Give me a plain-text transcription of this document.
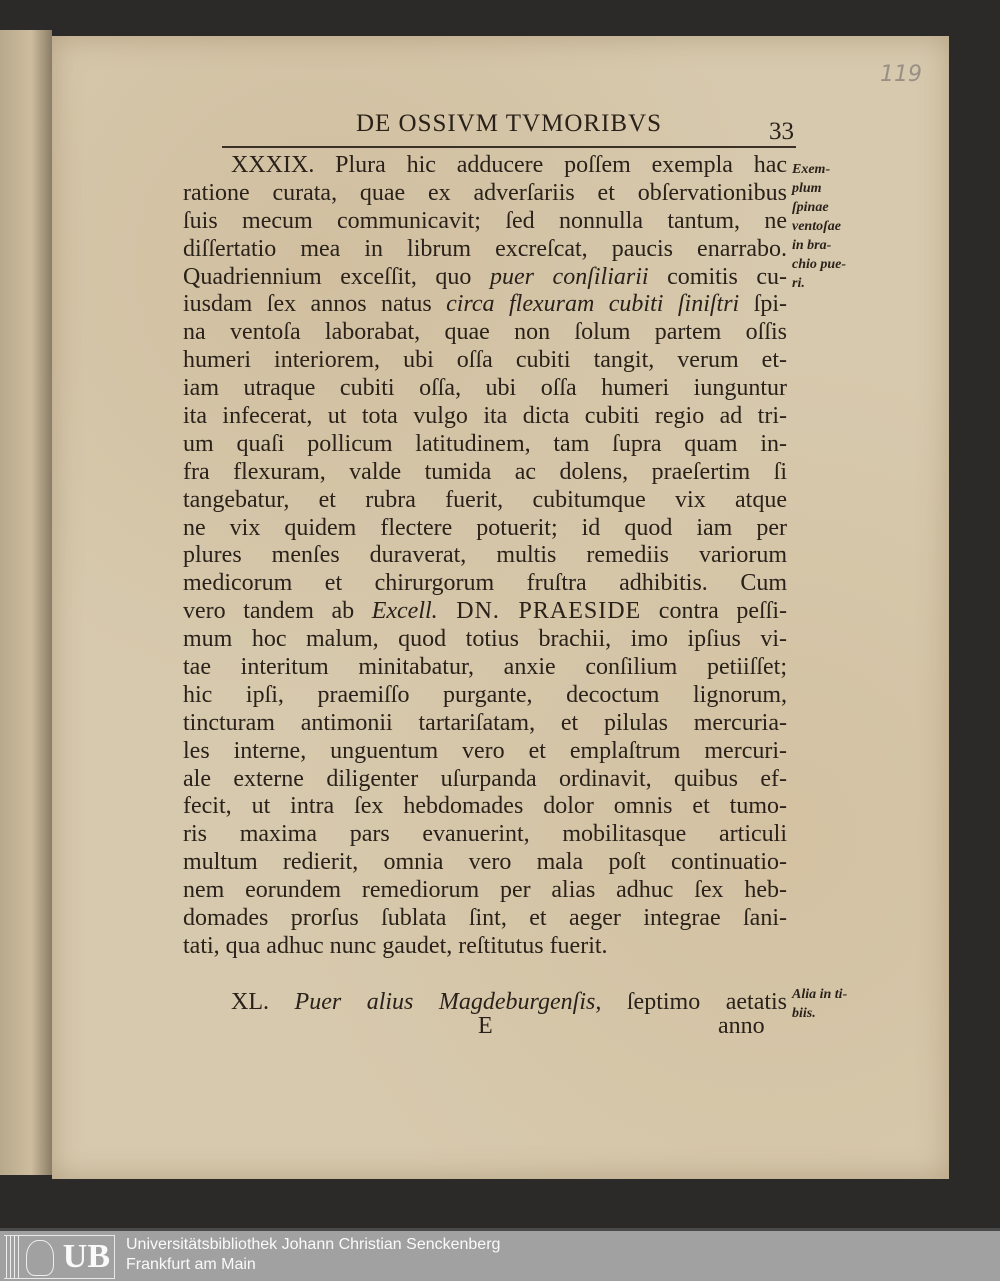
119
DE OSSIVM TVMORIBVS	33
XXXIX. Plura hic adducere poſſem exempla hac
ratione curata, quae ex adverſariis et obſervationibus
ſuis mecum communicavit; ſed nonnulla tantum, ne
diſſertatio mea in librum excreſcat, paucis enarrabo.
Quadriennium exceſſit, quo puer conſiliarii comitis cu-
iusdam ſex annos natus circa flexuram cubiti ſiniſtri ſpi-
na ventoſa laborabat, quae non ſolum partem oſſis
humeri interiorem, ubi oſſa cubiti tangit, verum et-
iam utraque cubiti oſſa, ubi oſſa humeri iunguntur
ita infecerat, ut tota vulgo ita dicta cubiti regio ad tri-
um quaſi pollicum latitudinem, tam ſupra quam in-
fra flexuram, valde tumida ac dolens, praeſertim ſi
tangebatur, et rubra fuerit, cubitumque vix atque
ne vix quidem flectere potuerit; id quod iam per
plures menſes duraverat, multis remediis variorum
medicorum et chirurgorum fruſtra adhibitis. Cum
vero tandem ab Excell. DN. PRAESIDE contra peſſi-
mum hoc malum, quod totius brachii, imo ipſius vi-
tae interitum minitabatur, anxie conſilium petiiſſet;
hic ipſi, praemiſſo purgante, decoctum lignorum,
tincturam antimonii tartariſatam, et pilulas mercuria-
les interne, unguentum vero et emplaſtrum mercuri-
ale externe diligenter uſurpanda ordinavit, quibus ef-
fecit, ut intra ſex hebdomades dolor omnis et tumo-
ris maxima pars evanuerint, mobilitasque articuli
multum redierit, omnia vero mala poſt continuatio-
nem eorundem remediorum per alias adhuc ſex heb-
domades prorſus ſublata ſint, et aeger integrae ſani-
tati, qua adhuc nunc gaudet, reſtitutus fuerit.
XL. Puer alius Magdeburgenſis, ſeptimo aetatis
Exem-
plum
ſpinae
ventoſae
in bra-
chio pue-
ri.
Alia in ti-
biis.
E	anno
UB Universitätsbibliothek Johann Christian Senckenberg
Frankfurt am Main
